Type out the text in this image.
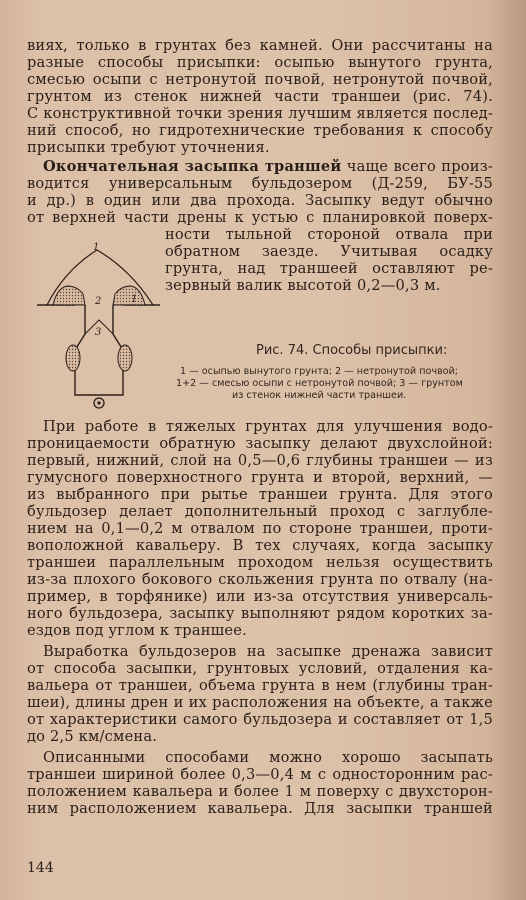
виях, только в грунтах без камней. Они рассчитаны на
разные способы присыпки: осыпью вынутого грунта,
смесью осыпи с нетронутой почвой, нетронутой почвой,
грунтом из стенок нижней части траншеи (рис. 74).
С конструктивной точки зрения лучшим является послед-
ний способ, но гидротехнические требования к способу
присыпки требуют уточнения.
Окончательная засыпка траншей чаще всего произ-
водится универсальным бульдозером (Д-259, БУ-55
и др.) в один или два прохода. Засыпку ведут обычно
от верхней части дрены к устью с планировкой поверх-
ности тыльной стороной отвала при
обратном заезде. Учитывая осадку
грунта, над траншеей оставляют ре-
зервный валик высотой 0,2—0,3 м.
1
2	1
3
Рис. 74. Способы присыпки:
1 — осыпью вынутого грунта; 2 — нетронутой почвой;
1+2 — смесью осыпи с нетронутой почвой; 3 — грунтом
из стенок нижней части траншеи.
При работе в тяжелых грунтах для улучшения водо-
проницаемости обратную засыпку делают двухслойной:
первый, нижний, слой на 0,5—0,6 глубины траншеи — из
гумусного поверхностного грунта и второй, верхний, —
из выбранного при рытье траншеи грунта. Для этого
бульдозер делает дополнительный проход с заглубле-
нием на 0,1—0,2 м отвалом по стороне траншеи, проти-
воположной кавальеру. В тех случаях, когда засыпку
траншеи параллельным проходом нельзя осуществить
из-за плохого бокового скольжения грунта по отвалу (на-
пример, в торфянике) или из-за отсутствия универсаль-
ного бульдозера, засыпку выполняют рядом коротких за-
ездов под углом к траншее.
Выработка бульдозеров на засыпке дренажа зависит
от способа засыпки, грунтовых условий, отдаления ка-
вальера от траншеи, объема грунта в нем (глубины тран-
шеи), длины дрен и их расположения на объекте, а также
от характеристики самого бульдозера и составляет от 1,5
до 2,5 км/смена.
Описанными способами можно хорошо засыпать
траншеи шириной более 0,3—0,4 м с односторонним рас-
положением кавальера и более 1 м поверху с двухсторон-
ним расположением кавальера. Для засыпки траншей
144
